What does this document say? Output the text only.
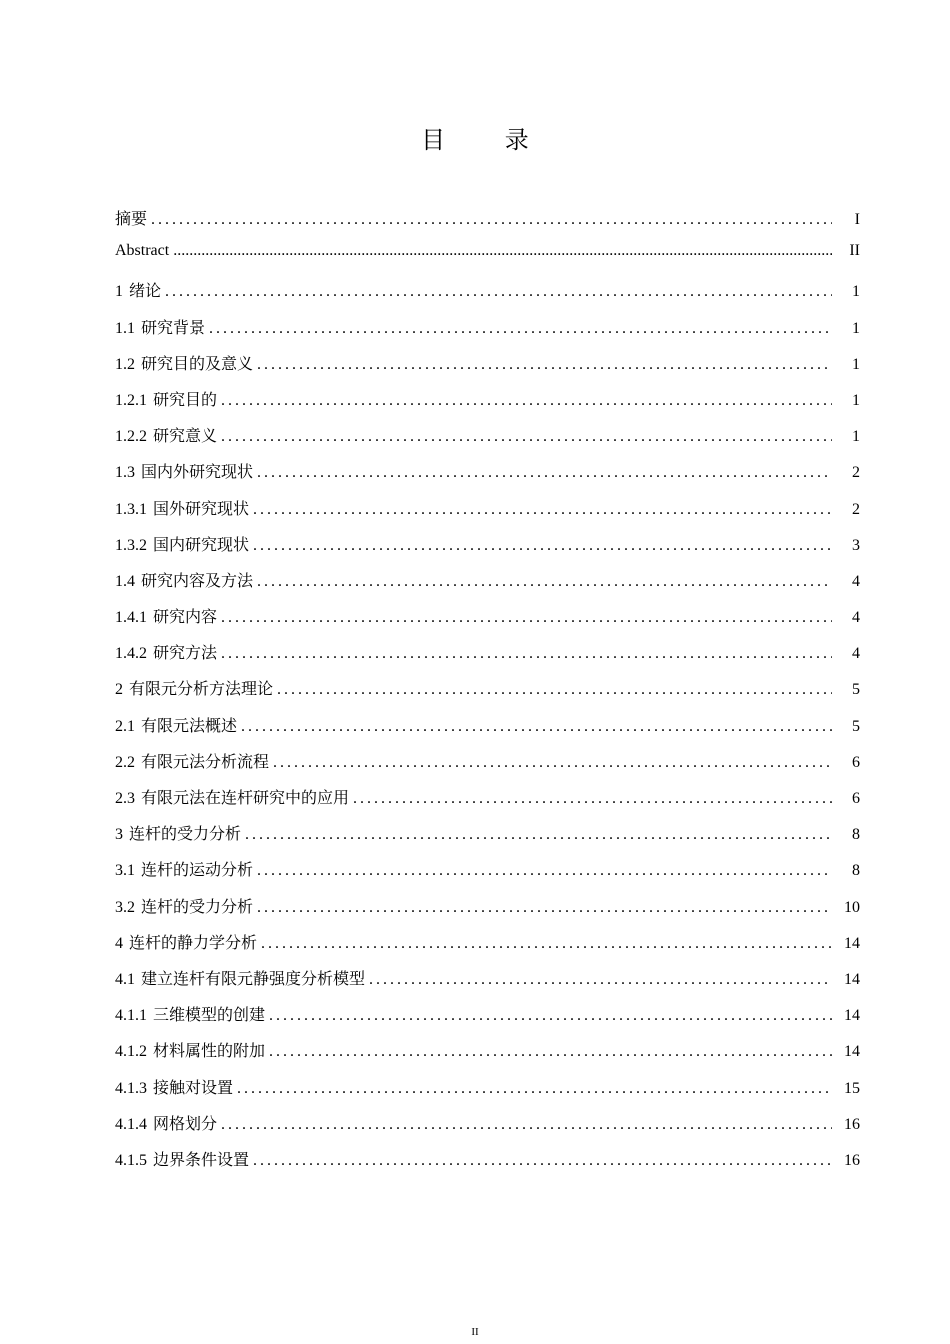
目 录
摘要 .....	I
Abstract .....	II
1 绪论 .....	1
1.1 研究背景 .....	1
1.2 研究目的及意义 .....	1
1.2.1 研究目的 .....	1
1.2.2 研究意义 .....	1
1.3 国内外研究现状 .....	2
1.3.1 国外研究现状 .....	2
1.3.2 国内研究现状 .....	3
1.4 研究内容及方法 .....	4
1.4.1 研究内容 .....	4
1.4.2 研究方法 .....	4
2 有限元分析方法理论 .....	5
2.1 有限元法概述 .....	5
2.2 有限元法分析流程 .....	6
2.3 有限元法在连杆研究中的应用 .....	6
3 连杆的受力分析 .....	8
3.1 连杆的运动分析 .....	8
3.2 连杆的受力分析 .....	10
4 连杆的静力学分析 .....	14
4.1 建立连杆有限元静强度分析模型 .....	14
4.1.1 三维模型的创建 .....	14
4.1.2 材料属性的附加 .....	14
4.1.3 接触对设置 .....	15
4.1.4 网格划分 .....	16
4.1.5 边界条件设置 .....	16
II
